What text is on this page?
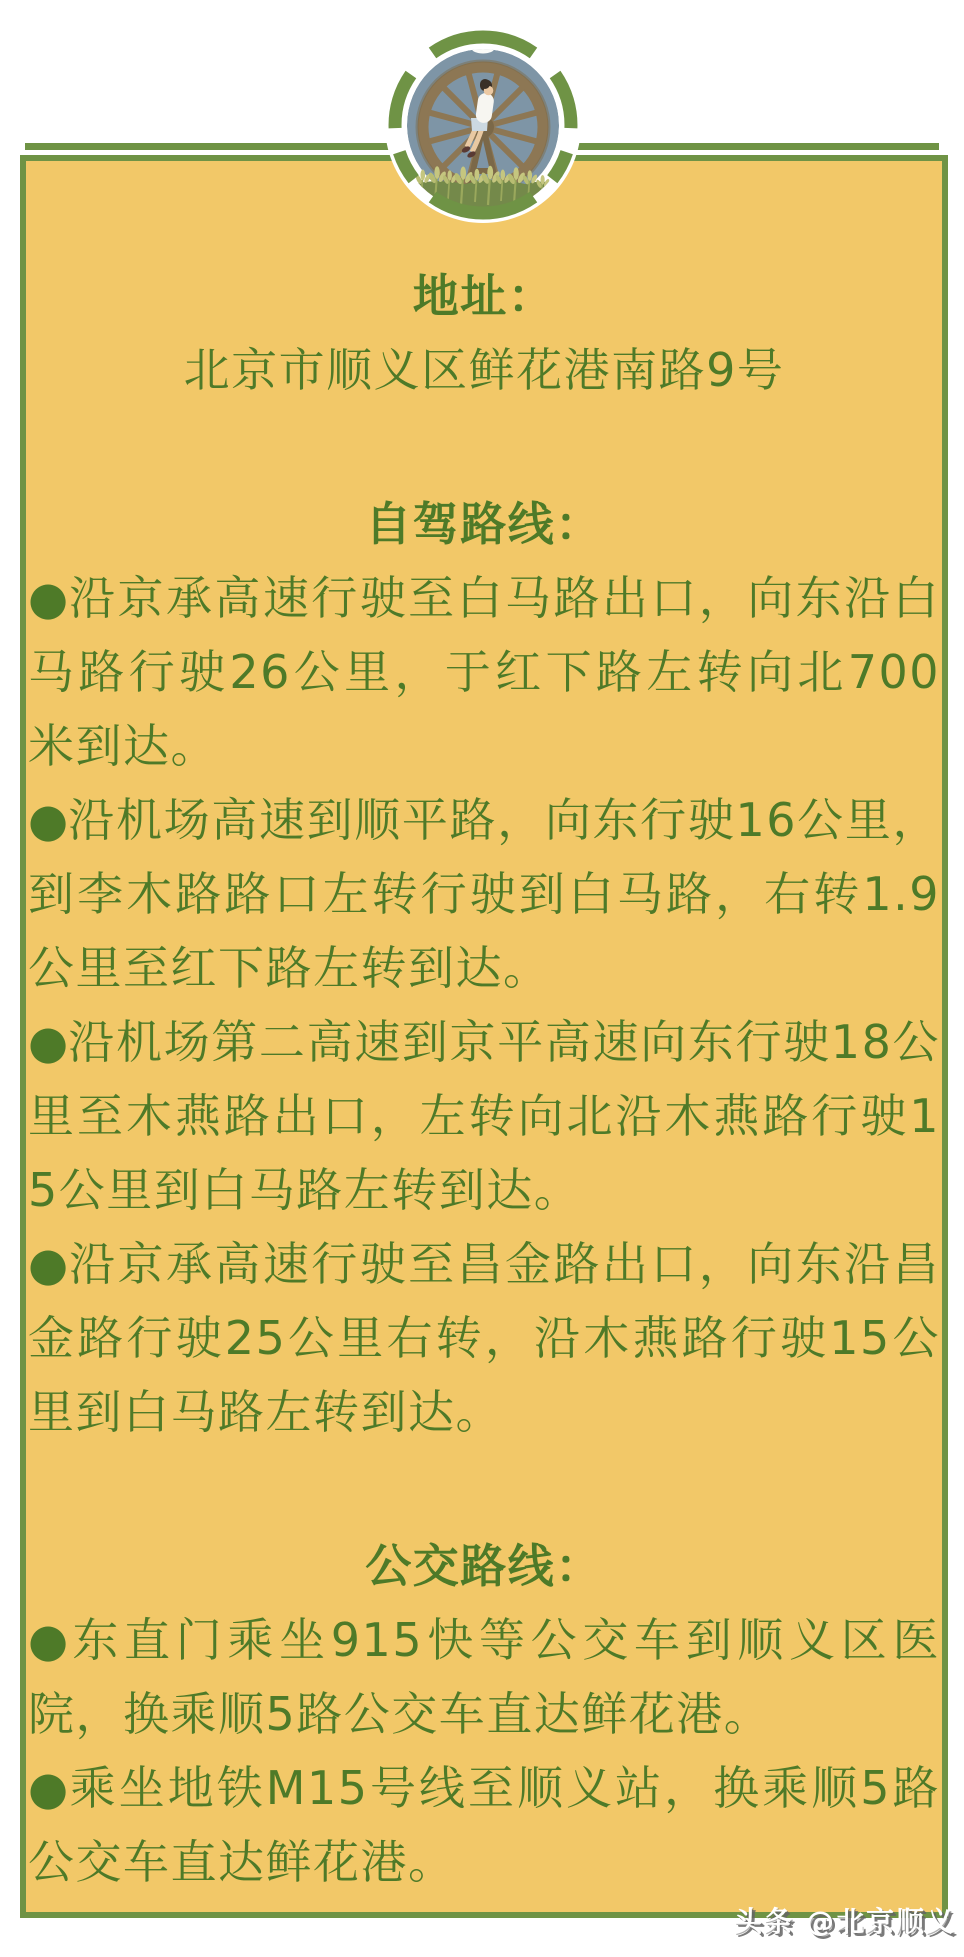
地址：
北京市顺义区鲜花港南路9号
自驾路线：
●沿京承高速行驶至白马路出口，向东沿白马路行驶26公里，于红下路左转向北700米到达。
●沿机场高速到顺平路，向东行驶16公里，到李木路路口左转行驶到白马路，右转1.9公里至红下路左转到达。
●沿机场第二高速到京平高速向东行驶18公里至木燕路出口，左转向北沿木燕路行驶15公里到白马路左转到达。
●沿京承高速行驶至昌金路出口，向东沿昌金路行驶25公里右转，沿木燕路行驶15公里到白马路左转到达。
公交路线：
●东直门乘坐915快等公交车到顺义区医院，换乘顺5路公交车直达鲜花港。
●乘坐地铁M15号线至顺义站，换乘顺5路公交车直达鲜花港。
头条 @北京顺义
